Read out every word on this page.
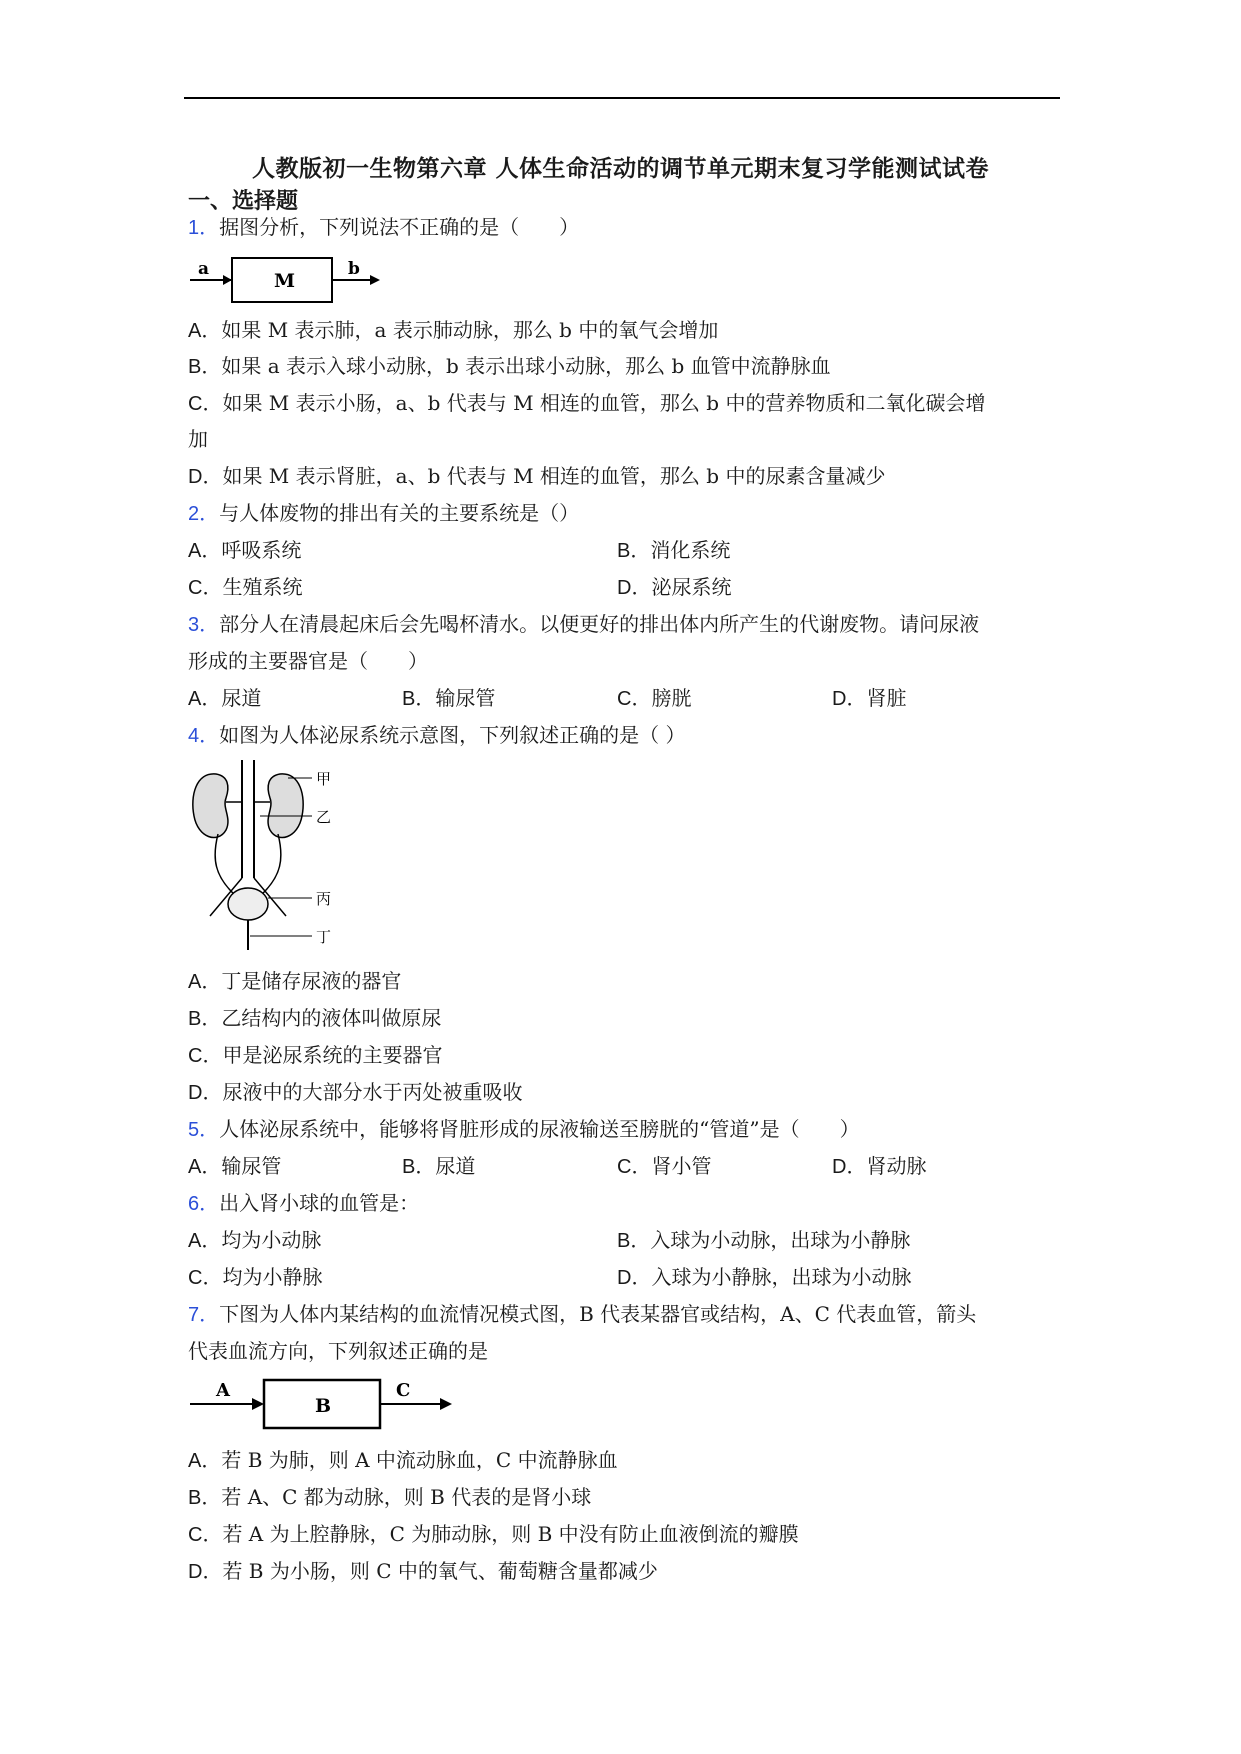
人教版初一生物第六章 人体生命活动的调节单元期末复习学能测试试卷
一、选择题
1．据图分析，下列说法不正确的是（　　）
a
M
b
A．如果 M 表示肺，a 表示肺动脉，那么 b 中的氧气会增加
B．如果 a 表示入球小动脉，b 表示出球小动脉，那么 b 血管中流静脉血
C．如果 M 表示小肠，a、b 代表与 M 相连的血管，那么 b 中的营养物质和二氧化碳会增
加
D．如果 M 表示肾脏，a、b 代表与 M 相连的血管，那么 b 中的尿素含量减少
2．与人体废物的排出有关的主要系统是（）
A．呼吸系统	B．消化系统
C．生殖系统	D．泌尿系统
3．部分人在清晨起床后会先喝杯清水。以便更好的排出体内所产生的代谢废物。请问尿液
形成的主要器官是（　　）
A．尿道	B．输尿管	C．膀胱	D．肾脏
4．如图为人体泌尿系统示意图，下列叙述正确的是（ ）
甲
乙
丙
丁
A．丁是储存尿液的器官
B．乙结构内的液体叫做原尿
C．甲是泌尿系统的主要器官
D．尿液中的大部分水于丙处被重吸收
5．人体泌尿系统中，能够将肾脏形成的尿液输送至膀胱的“管道”是（　　）
A．输尿管	B．尿道	C．肾小管	D．肾动脉
6．出入肾小球的血管是：
A．均为小动脉	B．入球为小动脉，出球为小静脉
C．均为小静脉	D．入球为小静脉，出球为小动脉
7．下图为人体内某结构的血流情况模式图，B 代表某器官或结构，A、C 代表血管，箭头
代表血流方向，下列叙述正确的是
A
B
C
A．若 B 为肺，则 A 中流动脉血，C 中流静脉血
B．若 A、C 都为动脉，则 B 代表的是肾小球
C．若 A 为上腔静脉，C 为肺动脉，则 B 中没有防止血液倒流的瓣膜
D．若 B 为小肠，则 C 中的氧气、葡萄糖含量都减少
